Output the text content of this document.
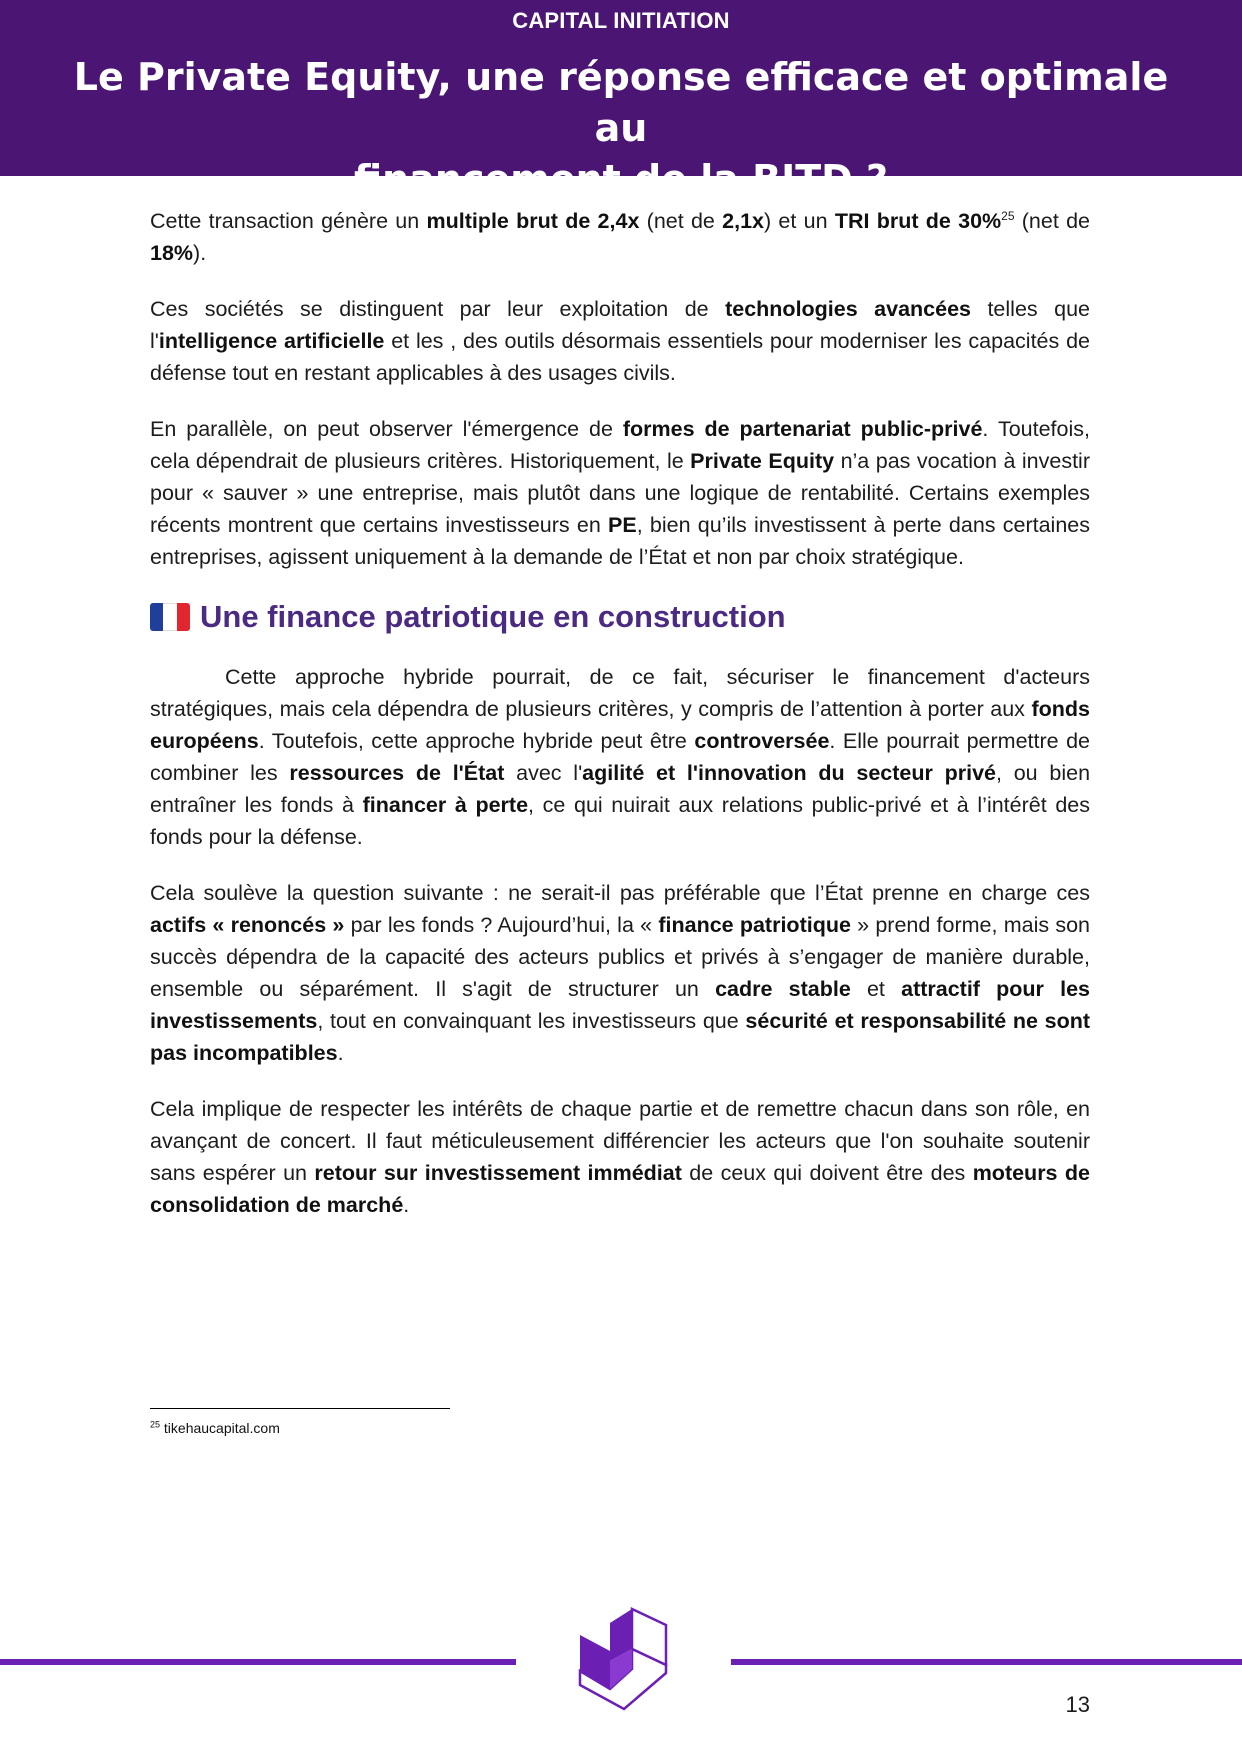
CAPITAL INITIATION
Le Private Equity, une réponse efficace et optimale au
financement de la BITD ?

Cette transaction génère un multiple brut de 2,4x (net de 2,1x) et un TRI brut de 30%$^{25}$ (net de 18%).

Ces sociétés se distinguent par leur exploitation de technologies avancées telles que l'intelligence artificielle et les , des outils désormais essentiels pour moderniser les capacités de défense tout en restant applicables à des usages civils.

En parallèle, on peut observer l'émergence de formes de partenariat public-privé. Toutefois, cela dépendrait de plusieurs critères. Historiquement, le Private Equity n’a pas vocation à investir pour « sauver » une entreprise, mais plutôt dans une logique de rentabilité. Certains exemples récents montrent que certains investisseurs en PE, bien qu’ils investissent à perte dans certaines entreprises, agissent uniquement à la demande de l’État et non par choix stratégique.

Une finance patriotique en construction

Cette approche hybride pourrait, de ce fait, sécuriser le financement d'acteurs stratégiques, mais cela dépendra de plusieurs critères, y compris de l’attention à porter aux fonds européens. Toutefois, cette approche hybride peut être controversée. Elle pourrait permettre de combiner les ressources de l'État avec l'agilité et l'innovation du secteur privé, ou bien entraîner les fonds à financer à perte, ce qui nuirait aux relations public-privé et à l’intérêt des fonds pour la défense.

Cela soulève la question suivante : ne serait-il pas préférable que l’État prenne en charge ces actifs « renoncés » par les fonds ? Aujourd’hui, la « finance patriotique » prend forme, mais son succès dépendra de la capacité des acteurs publics et privés à s’engager de manière durable, ensemble ou séparément. Il s'agit de structurer un cadre stable et attractif pour les investissements, tout en convainquant les investisseurs que sécurité et responsabilité ne sont pas incompatibles.

Cela implique de respecter les intérêts de chaque partie et de remettre chacun dans son rôle, en avançant de concert. Il faut méticuleusement différencier les acteurs que l'on souhaite soutenir sans espérer un retour sur investissement immédiat de ceux qui doivent être des moteurs de consolidation de marché.

$^{25}$ tikehaucapital.com
13
